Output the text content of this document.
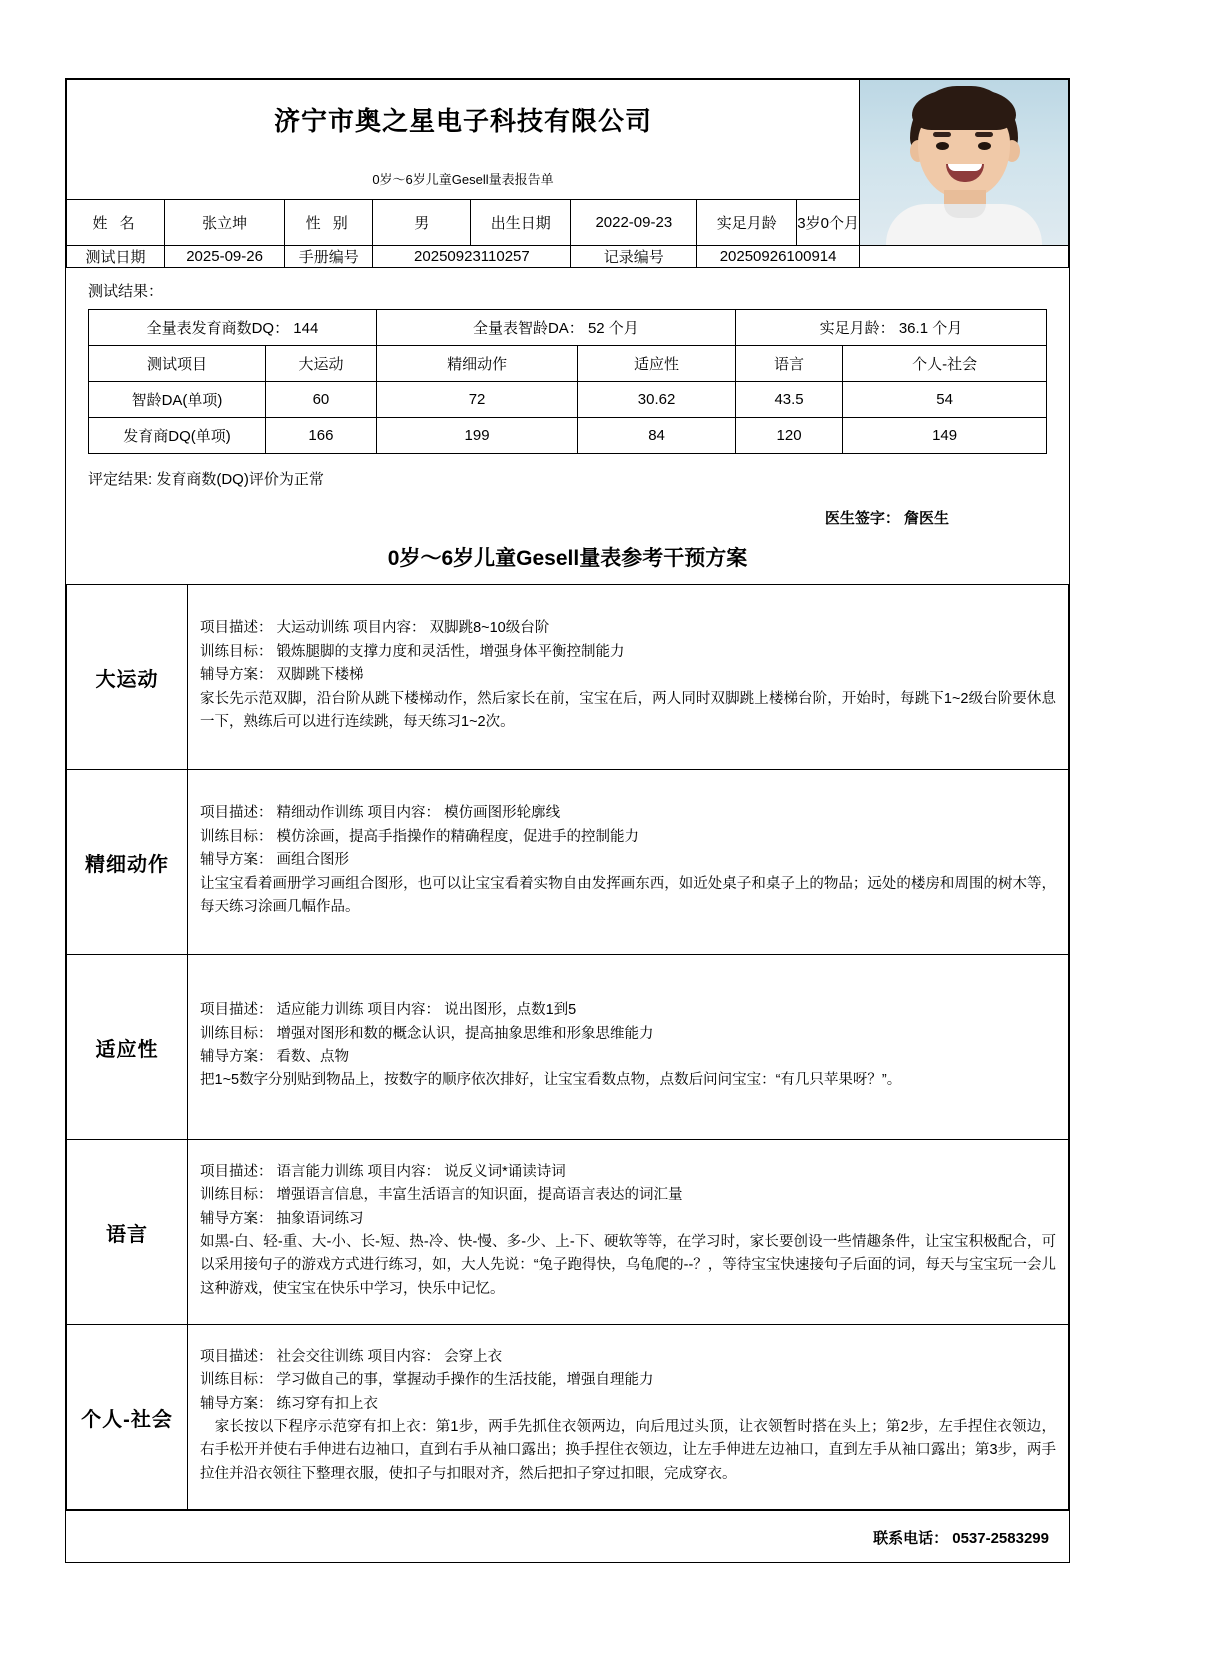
济宁市奥之星电子科技有限公司								

0岁～6岁儿童Gesell量表报告单								
姓 名	张立坤	性 别	男	出生日期	2022-09-23	实足月龄	3岁0个月	
测试日期	2025-09-26	手册编号	20250923110257		记录编号	20250926100914		
测试结果：
全量表发育商数DQ： 144		全量表智龄DA： 52 个月		实足月龄： 36.1 个月	
测试项目	大运动	精细动作	适应性	语言	个人-社会
智龄DA(单项)	60	72	30.62	43.5	54
发育商DQ(单项)	166	199	84	120	149
评定结果: 发育商数(DQ)评价为正常
医生签字： 詹医生
0岁～6岁儿童Gesell量表参考干预方案
大运动	项目描述： 大运动训练 项目内容： 双脚跳8~10级台阶
训练目标： 锻炼腿脚的支撑力度和灵活性，增强身体平衡控制能力
辅导方案： 双脚跳下楼梯
家长先示范双脚，沿台阶从跳下楼梯动作，然后家长在前，宝宝在后，两人同时双脚跳上楼梯台阶，开始时，每跳下1~2级台阶要休息一下，熟练后可以进行连续跳，每天练习1~2次。

精细动作	项目描述： 精细动作训练 项目内容： 模仿画图形轮廓线
训练目标： 模仿涂画，提高手指操作的精确程度，促进手的控制能力
辅导方案： 画组合图形
让宝宝看着画册学习画组合图形，也可以让宝宝看着实物自由发挥画东西，如近处桌子和桌子上的物品；远处的楼房和周围的树木等，每天练习涂画几幅作品。

适应性	项目描述： 适应能力训练 项目内容： 说出图形，点数1到5
训练目标： 增强对图形和数的概念认识，提高抽象思维和形象思维能力
辅导方案： 看数、点物
把1~5数字分别贴到物品上，按数字的顺序依次排好，让宝宝看数点物，点数后问问宝宝：“有几只苹果呀？”。

语言	项目描述： 语言能力训练 项目内容： 说反义词*诵读诗词
训练目标： 增强语言信息，丰富生活语言的知识面，提高语言表达的词汇量
辅导方案： 抽象语词练习
如黑-白、轻-重、大-小、长-短、热-冷、快-慢、多-少、上-下、硬软等等，在学习时，家长要创设一些情趣条件，让宝宝积极配合，可以采用接句子的游戏方式进行练习，如，大人先说：“兔子跑得快，乌龟爬的--？，等待宝宝快速接句子后面的词，每天与宝宝玩一会儿这种游戏，使宝宝在快乐中学习，快乐中记忆。

个人-社会	项目描述： 社会交往训练 项目内容： 会穿上衣
训练目标： 学习做自己的事，掌握动手操作的生活技能，增强自理能力
辅导方案： 练习穿有扣上衣
　家长按以下程序示范穿有扣上衣：第1步，两手先抓住衣领两边，向后甩过头顶，让衣领暂时搭在头上；第2步，左手捏住衣领边，右手松开并使右手伸进右边袖口，直到右手从袖口露出；换手捏住衣领边，让左手伸进左边袖口，直到左手从袖口露出；第3步，两手拉住并沿衣领往下整理衣服，使扣子与扣眼对齐，然后把扣子穿过扣眼，完成穿衣。
联系电话： 0537-2583299
